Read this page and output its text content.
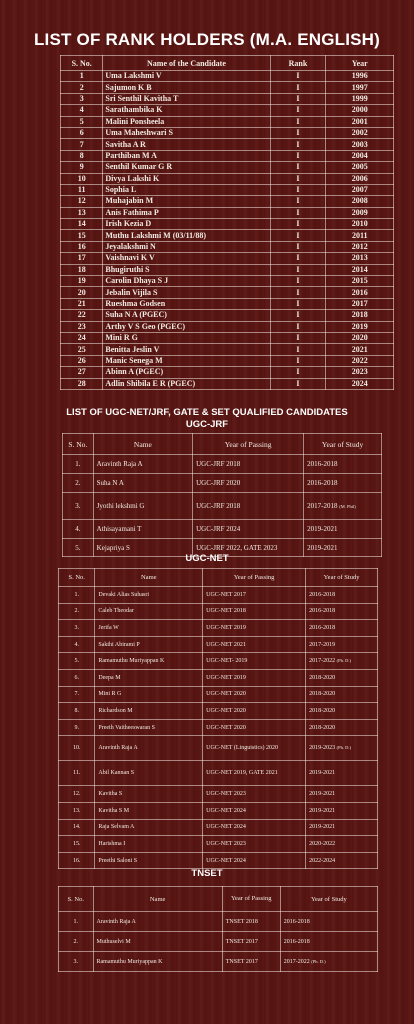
LIST OF RANK HOLDERS (M.A. ENGLISH)
S. No.	Name of the Candidate	Rank	Year
1	Uma Lakshmi V	I	1996
2	Sajumon K B	I	1997
3	Sri Senthil Kavitha T	I	1999
4	Sarathambika K	I	2000
5	Malini Ponsheela	I	2001
6	Uma Maheshwari S	I	2002
7	Savitha A R	I	2003
8	Parthiban M A	I	2004
9	Senthil Kumar G R	I	2005
10	Divya Lakshi K	I	2006
11	Sophia L	I	2007
12	Muhajabin M	I	2008
13	Anis Fathima P	I	2009
14	Irish Kezia D	I	2010
15	Muthu Lakshmi M (03/11/88)	I	2011
16	Jeyalakshmi N	I	2012
17	Vaishnavi K V	I	2013
18	Bhugiruthi S	I	2014
19	Carolin Dhaya S J	I	2015
20	Jebalin Vijila S	I	2016
21	Rueshma Godsen	I	2017
22	Suha N A (PGEC)	I	2018
23	Arthy V S Geo (PGEC)	I	2019
24	Mini R G	I	2020
25	Benitta Jeslin V	I	2021
26	Manic Senega M	I	2022
27	Abinn A (PGEC)	I	2023
28	Adlin Shibila E R (PGEC)	I	2024
LIST OF UGC-NET/JRF, GATE & SET QUALIFIED CANDIDATES
UGC-JRF
S. No.	Name	Year of Passing	Year of Study
1.	Aravinth Raja A	UGC-JRF 2018	2016-2018
2.	Suha N A	UGC-JRF 2020	2016-2018
3.	Jyothi lekshmi G	UGC-JRF 2018	2017-2018 (M. Phil)
4.	Athisayamani T	UGC-JRF 2024	2019-2021
5.	Kejapriya S	UGC-JRF 2022, GATE 2023	2019-2021
UGC-NET
S. No.	Name	Year of Passing	Year of Study
1.	Devaki Alias Suhasri	UGC-NET 2017	2016-2018
2.	Caleb Theodar	UGC-NET 2018	2016-2018
3.	Jerifa W	UGC-NET 2019	2016-2018
4.	Sakthi Abirami P	UGC-NET 2021	2017-2019
5.	Ramamuthu Muriyappan K	UGC-NET- 2019	2017-2022 (Ph. D.)
6.	Deepa M	UGC-NET 2019	2018-2020
7.	Mini R G	UGC-NET 2020	2018-2020
8.	Richardson M	UGC-NET 2020	2018-2020
9.	Preeth Vaitheeswaran S	UGC-NET 2020	2018-2020
10.	Aravinth Raja A	UGC-NET (Linguistics) 2020	2019-2023 (Ph. D.)
11.	Abil Kannan S	UGC-NET 2019, GATE 2021	2019-2021
12.	Kavitha S	UGC-NET 2023	2019-2021
13.	Kavitha S M	UGC-NET 2024	2019-2021
14.	Raja Selvam A	UGC-NET 2024	2019-2021
15.	Harishma I	UGC-NET 2023	2020-2022
16.	Preethi Saloni S	UGC-NET 2024	2022-2024
TNSET
S. No.	Name	Year of Passing	Year of Study
1.	Aravinth Raja A	TNSET 2018	2016-2018
2.	Muthuselvi M	TNSET 2017	2016-2018
3.	Ramamuthu Muriyappan K	TNSET 2017	2017-2022 (Ph. D.)
